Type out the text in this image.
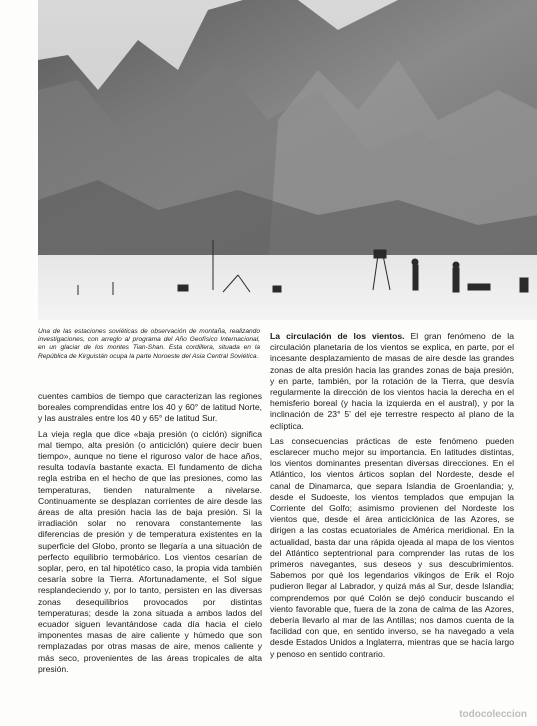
Una de las estaciones soviéticas de observación de montaña, realizando investigaciones, con arreglo al programa del Año Geofísico Internacional, en un glaciar de los montes Tian-Shan. Esta cordillera, situada en la República de Kirguistán ocupa la parte Noroeste del Asia Central Soviética.

cuentes cambios de tiempo que caracterizan las regiones boreales comprendidas entre los 40 y 60° de latitud Norte, y las australes entre los 40 y 65° de latitud Sur.

La vieja regla que dice «baja presión (o ciclón) significa mal tiempo, alta presión (o anticiclón) quiere decir buen tiempo», aunque no tiene el riguroso valor de hace años, resulta todavía bastante exacta. El fundamento de dicha regla estriba en el hecho de que las presiones, como las temperaturas, tienden naturalmente a nivelarse. Continuamente se desplazan corrientes de aire desde las áreas de alta presión hacia las de baja presión. Si la irradiación solar no renovara constantemente las diferencias de presión y de temperatura existentes en la superficie del Globo, pronto se llegaría a una situación de perfecto equilibrio termobárico. Los vientos cesarían de soplar, pero, en tal hipotético caso, la propia vida también cesaría sobre la Tierra. Afortunadamente, el Sol sigue resplandeciendo y, por lo tanto, persisten en las diversas zonas desequilibrios provocados por distintas temperaturas; desde la zona situada a ambos lados del ecuador siguen levantándose cada día hacia el cielo imponentes masas de aire caliente y húmedo que son remplazadas por otras masas de aire, menos caliente y más seco, provenientes de las áreas tropicales de alta presión.

La circulación de los vientos. El gran fenómeno de la circulación planetaria de los vientos se explica, en parte, por el incesante desplazamiento de masas de aire desde las grandes zonas de alta presión hacia las grandes zonas de baja presión, y en parte, también, por la rotación de la Tierra, que desvía regularmente la dirección de los vientos hacia la derecha en el hemisferio boreal (y hacia la izquierda en el austral), y por la inclinación de 23° 5' del eje terrestre respecto al plano de la eclíptica.

Las consecuencias prácticas de este fenómeno pueden esclarecer mucho mejor su importancia. En latitudes distintas, los vientos dominantes presentan diversas direcciones. En el Atlántico, los vientos árticos soplan del Nordeste, desde el canal de Dinamarca, que separa Islandia de Groenlandia; y, desde el Sudoeste, los vientos templados que empujan la Corriente del Golfo; asimismo provienen del Nordeste los vientos que, desde el área anticiclónica de las Azores, se dirigen a las costas ecuatoriales de América meridional. En la actualidad, basta dar una rápida ojeada al mapa de los vientos del Atlántico septentrional para comprender las rutas de los primeros navegantes, sus deseos y sus descubrimientos. Sabemos por qué los legendarios vikingos de Erik el Rojo pudieron llegar al Labrador, y quizá más al Sur, desde Islandia; comprendemos por qué Colón se dejó conducir buscando el viento favorable que, fuera de la zona de calma de las Azores, debería llevarlo al mar de las Antillas; nos damos cuenta de la facilidad con que, en sentido inverso, se ha navegado a vela desde Estados Unidos a Inglaterra, mientras que se hacía largo y penoso en sentido contrario.

todocoleccion
